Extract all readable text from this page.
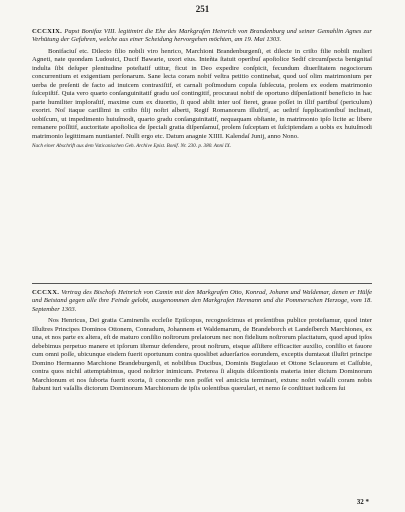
251
CCCXIX. Papst Bonifaz VIII. legitimirt die Ehe des Markgrafen Heinrich von Brandenburg und seiner Gemahlin Agnes zur Verhütung der Gefahren, welche aus einer Scheidung hervorgehen möchten, am 19. Mai 1303.

Bonifaciuſ etc. Dilecto filio nobili viro henrico, Marchioni Brandenburgenſi, et dilecte in criſto filie nobili mulieri Agneti, nate quondam Ludouici, Ducif Bawarie, uxori eius. Inteñta ſtatuit operibuſ apoſtolice Sedif circumſpecta benignitaſ indulta ſibi deſuper plenitudine poteſtatif utitur, ficut in Deo expedire conſpicit, fecundum diuerſitatem negociorum concurrentium et exigentiam perſonarum. Sane lecta coram nobif veſtra petitio continebat, quod uoſ olim matrimonium per uerba de preſenti de facto ad inuicem contraxiſtif, et carnali poſtmodum copula ſubſecuta, prolem ex eodem matrimonio ſuſcepiſtif. Quia vero quarto conſanguinitatif gradu uoſ contingitif, procuraui nobif de oportuno diſpenſationif beneficio in hac parte humiliter imploraſtif, maxime cum ex diuortio, ſi quod abſit inter uoſ fieret, graue poſſet in illif partibuſ (periculum) exoriri. Noſ itaque cariſſimi in criſto filij noſtri alberti, Regif Romanorum illuſtrif, ac ueſtrif ſupplicationibuſ inclinati, uobiſcum, ut impedimento huiuſmodi, quarto gradu conſanguinitatif, nequaquam obſtante, in matrimonio ipſo licite ac libere remanere poſſitif, auctoritate apoſtolica de ſpeciali gratia diſpenſamuſ, prolem ſuſceptam et ſuſcipiendam a uobis ex huiuſmodi matrimonio legittimam nuntiantef. Nulli ergo etc. Datum anagnie XIIII. Kalendaſ Junij, anno Nono.

Nach einer Abschrift aus dem Vaticanischen Geh. Archive Epist. Bonif. Nr. 230. p. 380. Anni IX.
CCCXX. Vertrag des Bischofs Heinrich von Camin mit den Markgrafen Otto, Konrad, Johann und Waldemar, denen er Hülfe und Beistand gegen alle ihre Feinde gelobt, ausgenommen den Markgrafen Hermann und die Pommerschen Herzoge, vom 18. September 1303.

Nos Henricus, Dei gratia Caminenſis eccleſie Epiſcopus, recognoſcimus et preſentibus publice proteſtamur, quod inter Illuſtres Principes Dominos Ottonem, Conradum, Johannem et Waldemarum, de Brandeborch et Landeſberch Marchiones, ex una, et nos parte ex altera, eſt de maturo conſilio noſtrorum prelatorum nec non fidelium noſtrorum placitatum, quod apud ipſos debebimus perpetuo manere et ipſorum iſtemur defendere, prout noſtrum, eisque aſſiſtere efficaciter auxilio, conſilio et fauore cum omni poſſe, ubicunque eisdem fuerit oportunum contra quoslibet aduerſarios eorundem, exceptis dumtaxat illuſtri principe Domino Hermanno Marchione Brandeburgenſi, et nobilibus Ducibus, Dominis Bugizlauo et Ottone Sclauorum et Caſſubie, contra quos nichil attemptabimus, quod noſtrior inimicum. Preterea ſi aliquis diſcentionis materia inter dictum Dominorum Marchionum et nos ſuborta fuerit exorta, ſi concordie non poſſet vel amicicia terminari, extunc noſtri vaſalli coram nobis ſtabunt iuri vaſallis dictorum Dominorum Marchionum de ipſis uolentibus querulari, et nemo ſe conſtituet iudicem ſui

32 *
